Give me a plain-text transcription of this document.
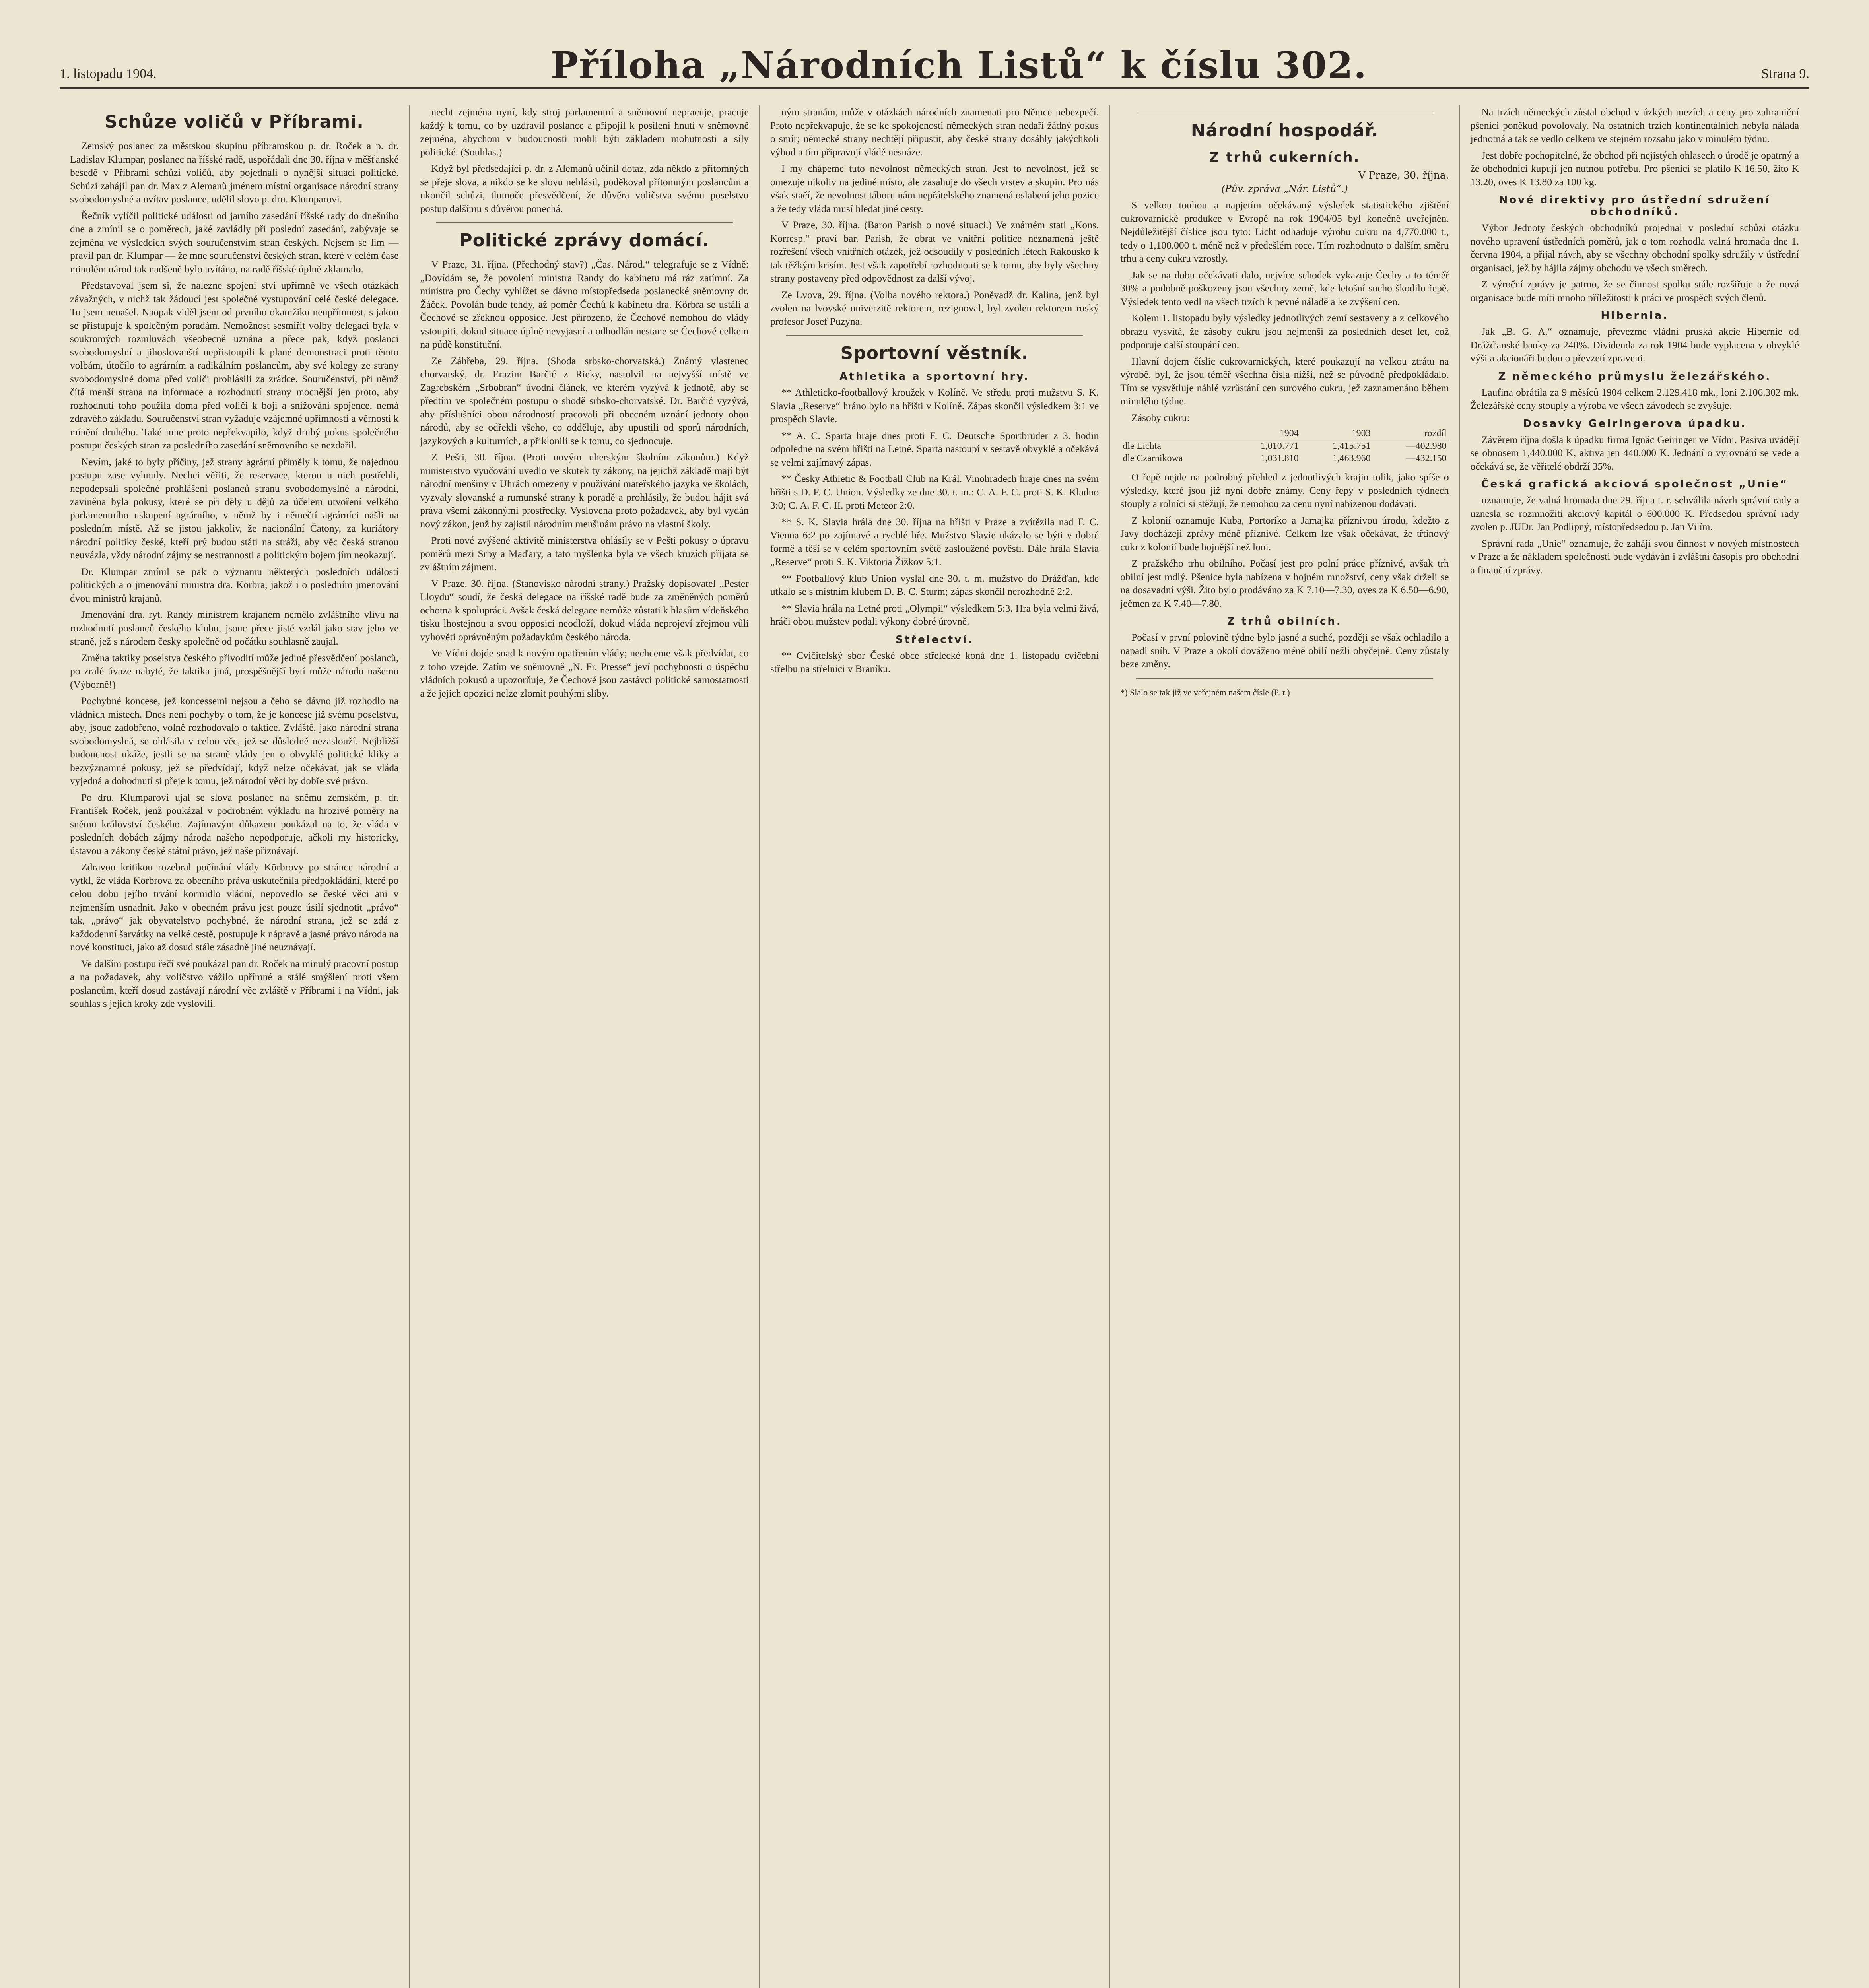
1. listopadu 1904.	Příloha „Národních Listů“ k číslu 302.	Strana 9.
Schůze voličů v Příbrami.

Zemský poslanec za městskou skupinu příbramskou p. dr. Roček a p. dr. Ladislav Klumpar, poslanec na říšské radě, uspořádali dne 30. října v měšťanské besedě v Příbrami schůzi voličů, aby pojednali o nynější situaci politické. Schůzi zahájil pan dr. Max z Alemanů jménem místní organisace národní strany svobodomyslné a uvítav poslance, udělil slovo p. dru. Klumparovi.

Řečník vylíčil politické události od jarního zasedání říšské rady do dnešního dne a zmínil se o poměrech, jaké zavládly při poslední zasedání, zabývaje se zejména ve výsledcích svých souručenstvím stran českých. Nejsem se lim — pravil pan dr. Klumpar — že mne souručenství českých stran, které v celém čase minulém národ tak nadšeně bylo uvítáno, na radě říšské úplně zklamalo.

Představoval jsem si, že nalezne spojení stvi upřímně ve všech otázkách závažných, v nichž tak žádoucí jest společné vystupování celé české delegace. To jsem nenašel. Naopak viděl jsem od prvního okamžiku neupřímnost, s jakou se přistupuje k společným poradám. Nemožnost sesmířit volby delegací byla v soukromých rozmluvách všeobecně uznána a přece pak, když poslanci svobodomyslní a jihoslovanští nepřistoupili k plané demonstraci proti těmto volbám, útočilo to agrárním a radikálním poslancům, aby své kolegy ze strany svobodomyslné doma před voliči prohlásili za zrádce. Souručenství, při němž čítá menší strana na informace a rozhodnutí strany mocnější jen proto, aby rozhodnutí toho použila doma před voliči k boji a snižování spojence, nemá zdravého základu. Souručenství stran vyžaduje vzájemné upřímnosti a věrnosti k mínění druhého. Také mne proto nepřekvapilo, když druhý pokus společného postupu českých stran za posledního zasedání sněmovního se nezdařil.

Nevím, jaké to byly příčiny, jež strany agrární přiměly k tomu, že najednou postupu zase vyhnuly. Nechci věřiti, že reservace, kterou u nich postřehli, nepodepsali společné prohlášení poslanců stranu svobodomyslné a národní, zaviněna byla pokusy, které se při děly u dějů za účelem utvoření velkého parlamentního uskupení agrárního, v němž by i němečtí agrárníci našli na posledním místě. Až se jistou jakkoliv, že nacionální Čatony, za kuriátory národní politiky české, kteří prý budou státi na stráži, aby věc česká stranou neuvázla, vždy národní zájmy se nestrannosti a politickým bojem jím neokazují.

Dr. Klumpar zmínil se pak o významu některých posledních událostí politických a o jmenování ministra dra. Körbra, jakož i o posledním jmenování dvou ministrů krajanů.

Jmenování dra. ryt. Randy ministrem krajanem nemělo zvláštního vlivu na rozhodnutí poslanců českého klubu, jsouc přece jisté vzdál jako stav jeho ve straně, jež s národem česky společně od počátku souhlasně zaujal.

Změna taktiky poselstva českého přivodití může jedině přesvědčení poslanců, po zralé úvaze nabyté, že taktika jiná, prospěšnější bytí může národu našemu (Výborně!)

Pochybné koncese, jež koncessemi nejsou a čeho se dávno již rozhodlo na vládních místech. Dnes není pochyby o tom, že je koncese již svému poselstvu, aby, jsouc zadobřeno, volně rozhodovalo o taktice. Zvláště, jako národní strana svobodomyslná, se ohlásila v celou věc, jež se důsledně nezaslouží. Nejbližší budoucnost ukáže, jestli se na straně vlády jen o obvyklé politické kliky a bezvýznamné pokusy, jež se předvídají, když nelze očekávat, jak se vláda vyjedná a dohodnutí si přeje k tomu, jež národní věci by dobře své právo.

Po dru. Klumparovi ujal se slova poslanec na sněmu zemském, p. dr. František Roček, jenž poukázal v podrobném výkladu na hrozivé poměry na sněmu království českého. Zajímavým důkazem poukázal na to, že vláda v posledních dobách zájmy národa našeho nepodporuje, ačkoli my historicky, ústavou a zákony české státní právo, jež naše přiznávají.

Zdravou kritikou rozebral počínání vlády Körbrovy po stránce národní a vytkl, že vláda Körbrova za obecního práva uskutečnila předpokládání, které po celou dobu jejího trvání kormidlo vládní, nepovedlo se české věci ani v nejmenším usnadnit. Jako v obecném právu jest pouze úsilí sjednotit „právo“ tak, „právo“ jak obyvatelstvo pochybné, že národní strana, jež se zdá z každodenní šarvátky na velké cestě, postupuje k nápravě a jasné právo národa na nové konstituci, jako až dosud stále zásadně jiné neuznávají.

Ve dalším postupu řečí své poukázal pan dr. Roček na minulý pracovní postup a na požadavek, aby voličstvo vážilo upřímné a stálé smýšlení proti všem poslancům, kteří dosud zastávají národní věc zvláště v Příbrami i na Vídni, jak souhlas s jejich kroky zde vyslovili.

necht zejména nyní, kdy stroj parlamentní a sněmovní nepracuje, pracuje každý k tomu, co by uzdravil poslance a připojil k posílení hnutí v sněmovně zejména, abychom v budoucnosti mohli býti základem mohutnosti a síly politické. (Souhlas.)

Když byl předsedající p. dr. z Alemanů učinil dotaz, zda někdo z přítomných se přeje slova, a nikdo se ke slovu nehlásil, poděkoval přítomným poslancům a ukončil schůzi, tlumoče přesvědčení, že důvěra voličstva svému poselstvu postup dalšímu s důvěrou ponechá.

Politické zprávy domácí.

V Praze, 31. října. (Přechodný stav?) „Čas. Národ.“ telegrafuje se z Vídně: „Dovídám se, že povolení ministra Randy do kabinetu má ráz zatímní. Za ministra pro Čechy vyhlížet se dávno místopředseda poslanecké sněmovny dr. Žáček. Povolán bude tehdy, až poměr Čechů k kabinetu dra. Körbra se ustálí a Čechové se zřeknou opposice. Jest přirozeno, že Čechové nemohou do vlády vstoupiti, dokud situace úplně nevyjasní a odhodlán nestane se Čechové celkem na půdě konstituční.

Ze Záhřeba, 29. října. (Shoda srbsko-chorvatská.) Známý vlastenec chorvatský, dr. Erazim Barčić z Rieky, nastolvil na nejvyšší místě ve Zagrebském „Srbobran“ úvodní článek, ve kterém vyzývá k jednotě, aby se předtím ve společném postupu o shodě srbsko-chorvatské. Dr. Barčić vyzývá, aby příslušníci obou národností pracovali při obecném uznání jednoty obou národů, aby se odřekli všeho, co odděluje, aby upustili od sporů národních, jazykových a kulturních, a přiklonili se k tomu, co sjednocuje.

Z Pešti, 30. října. (Proti novým uherským školním zákonům.) Když ministerstvo vyučování uvedlo ve skutek ty zákony, na jejichž základě mají být národní menšiny v Uhrách omezeny v používání mateřského jazyka ve školách, vyzvaly slovanské a rumunské strany k poradě a prohlásily, že budou hájit svá práva všemi zákonnými prostředky. Vyslovena proto požadavek, aby byl vydán nový zákon, jenž by zajistil národním menšinám právo na vlastní školy.

Proti nové zvýšené aktivitě ministerstva ohlásily se v Pešti pokusy o úpravu poměrů mezi Srby a Maďary, a tato myšlenka byla ve všech kruzích přijata se zvláštním zájmem.

V Praze, 30. října. (Stanovisko národní strany.) Pražský dopisovatel „Pester Lloydu“ soudí, že česká delegace na říšské radě bude za změněných poměrů ochotna k spolupráci. Avšak česká delegace nemůže zůstati k hlasům vídeňského tisku lhostejnou a svou opposici neodloží, dokud vláda neprojeví zřejmou vůli vyhověti oprávněným požadavkům českého národa.

Ve Vídni dojde snad k novým opatřením vlády; nechceme však předvídat, co z toho vzejde. Zatím ve sněmovně „N. Fr. Presse“ jeví pochybnosti o úspěchu vládních pokusů a upozorňuje, že Čechové jsou zastávci politické samostatnosti a že jejich opozici nelze zlomit pouhými sliby.

ným stranám, může v otázkách národních znamenati pro Němce nebezpečí. Proto nepřekvapuje, že se ke spokojenosti německých stran nedaří žádný pokus o smír; německé strany nechtějí připustit, aby české strany dosáhly jakýchkoli výhod a tím připravují vládě nesnáze.

I my chápeme tuto nevolnost německých stran. Jest to nevolnost, jež se omezuje nikoliv na jediné místo, ale zasahuje do všech vrstev a skupin. Pro nás však stačí, že nevolnost táboru nám nepřátelského znamená oslabení jeho pozice a že tedy vláda musí hledat jiné cesty.

V Praze, 30. října. (Baron Parish o nové situaci.) Ve známém stati „Kons. Korresp.“ praví bar. Parish, že obrat ve vnitřní politice neznamená ještě rozřešení všech vnitřních otázek, jež odsoudily v posledních létech Rakousko k tak těžkým krisím. Jest však zapotřebí rozhodnouti se k tomu, aby byly všechny strany postaveny před odpovědnost za další vývoj.

Ze Lvova, 29. října. (Volba nového rektora.) Poněvadž dr. Kalina, jenž byl zvolen na lvovské univerzitě rektorem, rezignoval, byl zvolen rektorem ruský profesor Josef Puzyna.

Sportovní věstník.
Athletika a sportovní hry.

** Athleticko-footballový kroužek v Kolíně. Ve středu proti mužstvu S. K. Slavia „Reserve“ hráno bylo na hřišti v Kolíně. Zápas skončil výsledkem 3:1 ve prospěch Slavie.

** A. C. Sparta hraje dnes proti F. C. Deutsche Sportbrüder z 3. hodin odpoledne na svém hřišti na Letné. Sparta nastoupí v sestavě obvyklé a očekává se velmi zajímavý zápas.

** Česky Athletic & Football Club na Král. Vinohradech hraje dnes na svém hřišti s D. F. C. Union. Výsledky ze dne 30. t. m.: C. A. F. C. proti S. K. Kladno 3:0; C. A. F. C. II. proti Meteor 2:0.

** S. K. Slavia hrála dne 30. října na hřišti v Praze a zvítězila nad F. C. Vienna 6:2 po zajímavé a rychlé hře. Mužstvo Slavie ukázalo se býti v dobré formě a těší se v celém sportovním světě zasloužené pověsti. Dále hrála Slavia „Reserve“ proti S. K. Viktoria Žižkov 5:1.

** Footballový klub Union vyslal dne 30. t. m. mužstvo do Drážďan, kde utkalo se s místním klubem D. B. C. Sturm; zápas skončil nerozhodně 2:2.

** Slavia hrála na Letné proti „Olympii“ výsledkem 5:3. Hra byla velmi živá, hráči obou mužstev podali výkony dobré úrovně.

Střelectví.

** Cvičitelský sbor České obce střelecké koná dne 1. listopadu cvičební střelbu na střelnici v Braníku.

Národní hospodář.
Z trhů cukerních.
V Praze, 30. října.
(Pův. zpráva „Nár. Listů“.)

S velkou touhou a napjetím očekávaný výsledek statistického zjištění cukrovarnické produkce v Evropě na rok 1904/05 byl konečně uveřejněn. Nejdůležitější číslice jsou tyto: Licht odhaduje výrobu cukru na 4,770.000 t., tedy o 1,100.000 t. méně než v předešlém roce. Tím rozhodnuto o dalším směru trhu a ceny cukru vzrostly.

Jak se na dobu očekávati dalo, nejvíce schodek vykazuje Čechy a to téměř 30% a podobně poškozeny jsou všechny země, kde letošní sucho škodilo řepě. Výsledek tento vedl na všech trzích k pevné náladě a ke zvýšení cen.

Kolem 1. listopadu byly výsledky jednotlivých zemí sestaveny a z celkového obrazu vysvítá, že zásoby cukru jsou nejmenší za posledních deset let, což podporuje další stoupání cen.

Hlavní dojem číslic cukrovarnických, které poukazují na velkou ztrátu na výrobě, byl, že jsou téměř všechna čísla nižší, než se původně předpokládalo. Tím se vysvětluje náhlé vzrůstání cen surového cukru, jež zaznamenáno během minulého týdne.

Zásoby cukru:

	1904	1903	rozdíl
dle Lichta	1,010.771	1,415.751	—402.980
dle Czarnikowa	1,031.810	1,463.960	—432.150

O řepě nejde na podrobný přehled z jednotlivých krajin tolik, jako spíše o výsledky, které jsou již nyní dobře známy. Ceny řepy v posledních týdnech stouply a rolníci si stěžují, že nemohou za cenu nyní nabízenou dodávati.

Z kolonií oznamuje Kuba, Portoriko a Jamajka příznivou úrodu, kdežto z Javy docházejí zprávy méně příznivé. Celkem lze však očekávat, že třtinový cukr z kolonií bude hojnější než loni.

Z pražského trhu obilního. Počasí jest pro polní práce příznivé, avšak trh obilní jest mdlý. Pšenice byla nabízena v hojném množství, ceny však drželi se na dosavadní výši. Žito bylo prodáváno za K 7.10—7.30, oves za K 6.50—6.90, ječmen za K 7.40—7.80.

Z trhů obilních.

Počasí v první polovině týdne bylo jasné a suché, později se však ochladilo a napadl sníh. V Praze a okolí dováženo méně obilí nežli obyčejně. Ceny zůstaly beze změny.

*) Slalo se tak již ve veřejném našem čísle (P. r.)

Na trzích německých zůstal obchod v úzkých mezích a ceny pro zahraniční pšenici poněkud povolovaly. Na ostatních trzích kontinentálních nebyla nálada jednotná a tak se vedlo celkem ve stejném rozsahu jako v minulém týdnu.

Jest dobře pochopitelné, že obchod při nejistých ohlasech o úrodě je opatrný a že obchodníci kupují jen nutnou potřebu. Pro pšenici se platilo K 16.50, žito K 13.20, oves K 13.80 za 100 kg.

Nové direktivy pro ústřední sdružení obchodníků.

Výbor Jednoty českých obchodníků projednal v poslední schůzi otázku nového upravení ústředních poměrů, jak o tom rozhodla valná hromada dne 1. června 1904, a přijal návrh, aby se všechny obchodní spolky sdružily v ústřední organisaci, jež by hájila zájmy obchodu ve všech směrech.

Z výroční zprávy je patrno, že se činnost spolku stále rozšiřuje a že nová organisace bude míti mnoho příležitosti k práci ve prospěch svých členů.

Hibernia.

Jak „B. G. A.“ oznamuje, převezme vládní pruská akcie Hibernie od Drážďanské banky za 240%. Dividenda za rok 1904 bude vyplacena v obvyklé výši a akcionáři budou o převzetí zpraveni.

Z německého průmyslu železářského.

Laufina obrátila za 9 měsíců 1904 celkem 2.129.418 mk., loni 2.106.302 mk. Železářské ceny stouply a výroba ve všech závodech se zvyšuje.

Dosavky Geiringerova úpadku.

Závěrem října došla k úpadku firma Ignác Geiringer ve Vídni. Pasiva uvádějí se obnosem 1,440.000 K, aktiva jen 440.000 K. Jednání o vyrovnání se vede a očekává se, že věřitelé obdrží 35%.

Česká grafická akciová společnost „Unie“

oznamuje, že valná hromada dne 29. října t. r. schválila návrh správní rady a uznesla se rozmnožiti akciový kapitál o 600.000 K. Předsedou správní rady zvolen p. JUDr. Jan Podlipný, místopředsedou p. Jan Vilím.

Správní rada „Unie“ oznamuje, že zahájí svou činnost v nových místnostech v Praze a že nákladem společnosti bude vydáván i zvláštní časopis pro obchodní a finanční zprávy.
